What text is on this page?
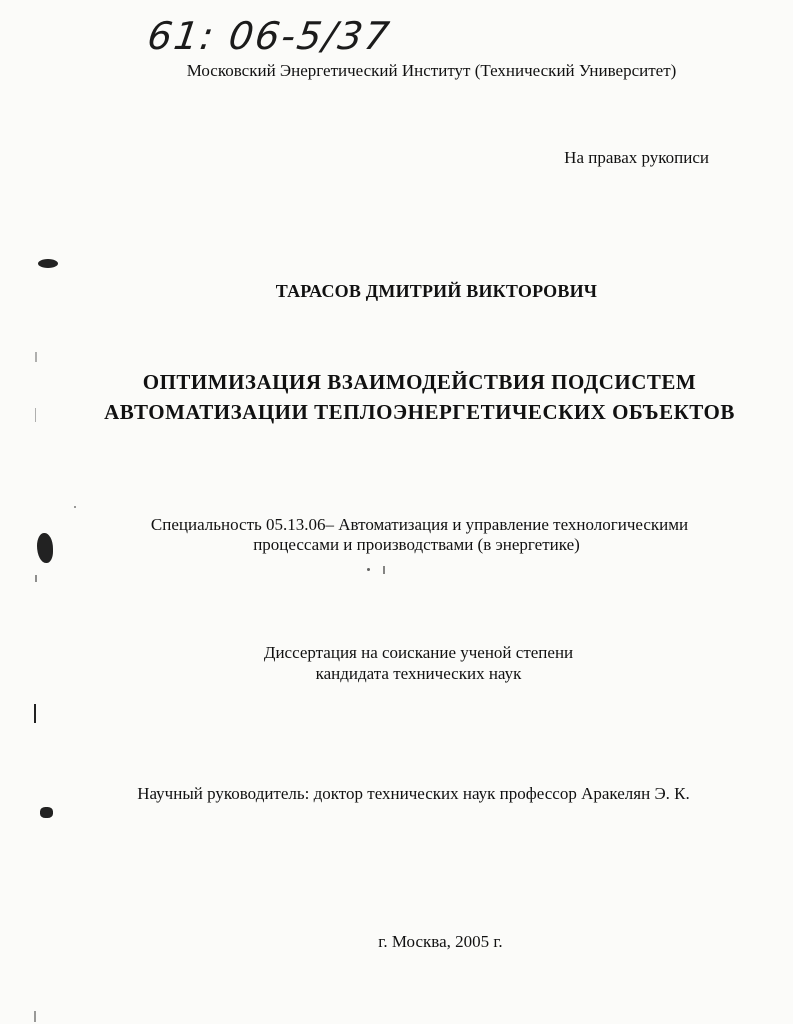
61: 06-5/37
Московский Энергетический Институт (Технический Университет)
На правах рукописи
ТАРАСОВ ДМИТРИЙ ВИКТОРОВИЧ
ОПТИМИЗАЦИЯ ВЗАИМОДЕЙСТВИЯ ПОДСИСТЕМ
АВТОМАТИЗАЦИИ ТЕПЛОЭНЕРГЕТИЧЕСКИХ ОБЪЕКТОВ
Специальность 05.13.06– Автоматизация и управление технологическими
процессами и производствами (в энергетике)
Диссертация на соискание ученой степени
кандидата технических наук
Научный руководитель: доктор технических наук профессор Аракелян Э. К.
г. Москва, 2005 г.
